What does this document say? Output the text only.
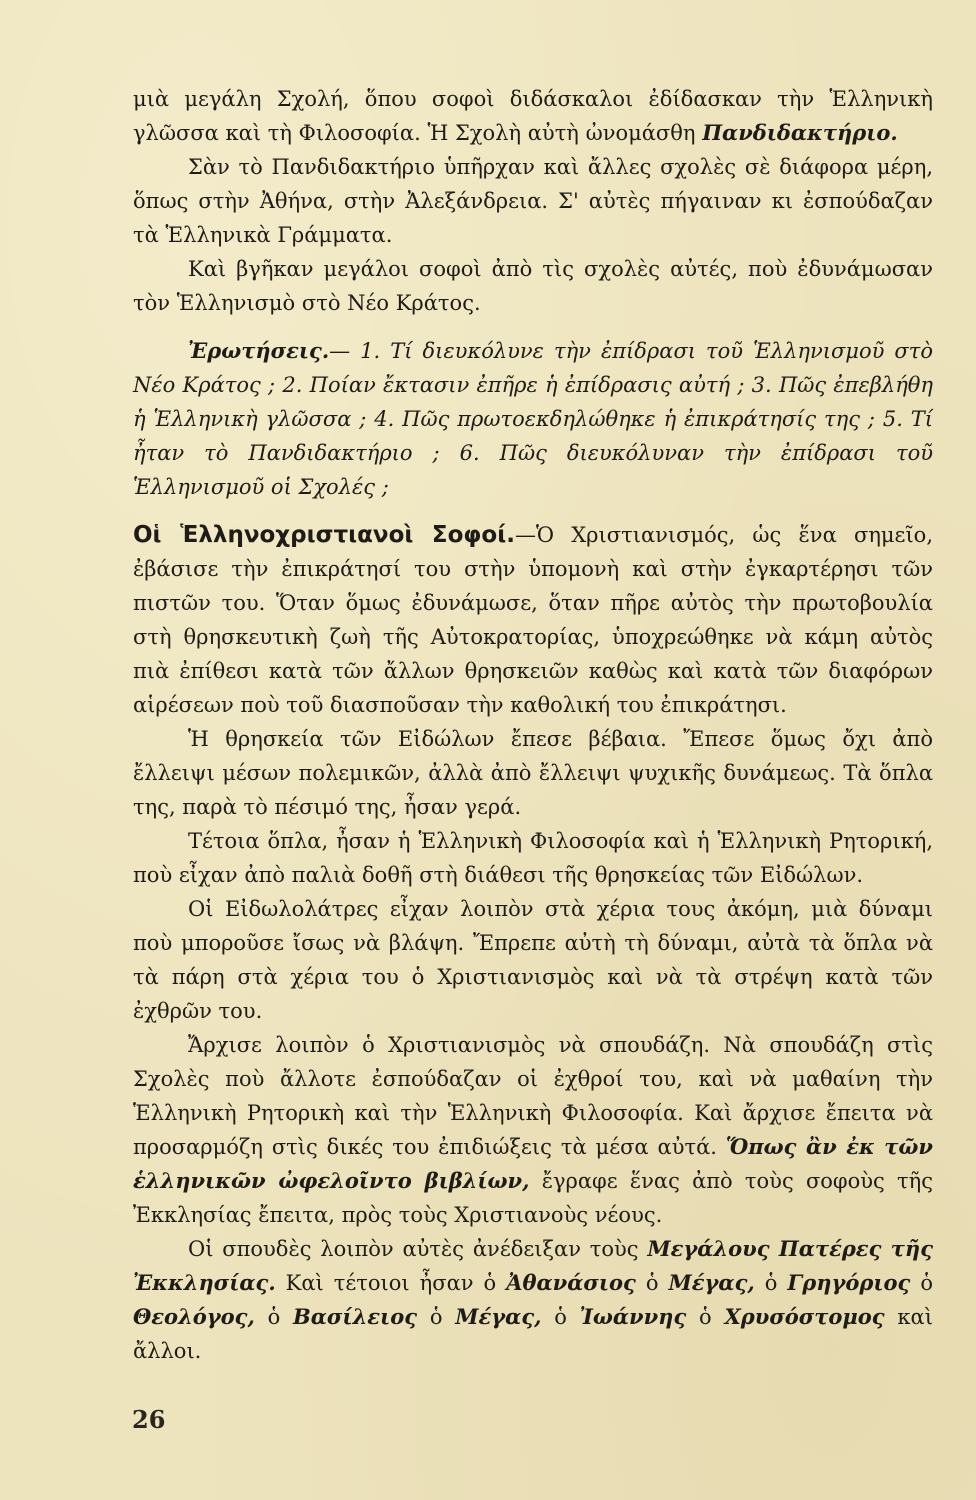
μιὰ μεγάλη Σχολή, ὅπου σοφοὶ διδάσκαλοι ἐδίδασκαν τὴν Ἑλληνικὴ γλῶσσα καὶ τὴ Φιλοσοφία. Ἡ Σχολὴ αὐτὴ ὠνομάσθη Πανδιδακτήριο.

Σὰν τὸ Πανδιδακτήριο ὑπῆρχαν καὶ ἄλλες σχολὲς σὲ διάφορα μέρη, ὅπως στὴν Ἀθήνα, στὴν Ἀλεξάνδρεια. Σ' αὐτὲς πήγαιναν κι ἐσπούδαζαν τὰ Ἑλληνικὰ Γράμματα.

Καὶ βγῆκαν μεγάλοι σοφοὶ ἀπὸ τὶς σχολὲς αὐτές, ποὺ ἐδυνάμωσαν τὸν Ἑλληνισμὸ στὸ Νέο Κράτος.

Ἐρωτήσεις.— 1. Τί διευκόλυνε τὴν ἐπίδρασι τοῦ Ἑλληνισμοῦ στὸ Νέο Κράτος ; 2. Ποίαν ἔκτασιν ἐπῆρε ἡ ἐπίδρασις αὐτή ; 3. Πῶς ἐπεβλήθη ἡ Ἑλληνικὴ γλῶσσα ; 4. Πῶς πρωτοεκδηλώθηκε ἡ ἐπικράτησίς της ; 5. Τί ἦταν τὸ Πανδιδακτήριο ; 6. Πῶς διευκόλυναν τὴν ἐπίδρασι τοῦ Ἑλληνισμοῦ οἱ Σχολές ;

Οἱ Ἑλληνοχριστιανοὶ Σοφοί.—Ὁ Χριστιανισμός, ὡς ἕνα σημεῖο, ἐβάσισε τὴν ἐπικράτησί του στὴν ὑπομονὴ καὶ στὴν ἐγκαρτέρησι τῶν πιστῶν του. Ὅταν ὅμως ἐδυνάμωσε, ὅταν πῆρε αὐτὸς τὴν πρωτοβουλία στὴ θρησκευτικὴ ζωὴ τῆς Αὐτοκρατορίας, ὑποχρεώθηκε νὰ κάμη αὐτὸς πιὰ ἐπίθεσι κατὰ τῶν ἄλλων θρησκειῶν καθὼς καὶ κατὰ τῶν διαφόρων αἱρέσεων ποὺ τοῦ διασποῦσαν τὴν καθολική του ἐπικράτησι.

Ἡ θρησκεία τῶν Εἰδώλων ἔπεσε βέβαια. Ἔπεσε ὅμως ὄχι ἀπὸ ἔλλειψι μέσων πολεμικῶν, ἀλλὰ ἀπὸ ἔλλειψι ψυχικῆς δυνάμεως. Τὰ ὅπλα της, παρὰ τὸ πέσιμό της, ἦσαν γερά.

Τέτοια ὅπλα, ἦσαν ἡ Ἑλληνικὴ Φιλοσοφία καὶ ἡ Ἑλληνικὴ Ρητορική, ποὺ εἶχαν ἀπὸ παλιὰ δοθῆ στὴ διάθεσι τῆς θρησκείας τῶν Εἰδώλων.

Οἱ Εἰδωλολάτρες εἶχαν λοιπὸν στὰ χέρια τους ἀκόμη, μιὰ δύναμι ποὺ μποροῦσε ἴσως νὰ βλάψη. Ἔπρεπε αὐτὴ τὴ δύναμι, αὐτὰ τὰ ὅπλα νὰ τὰ πάρη στὰ χέρια του ὁ Χριστιανισμὸς καὶ νὰ τὰ στρέψη κατὰ τῶν ἐχθρῶν του.

Ἄρχισε λοιπὸν ὁ Χριστιανισμὸς νὰ σπουδάζη. Νὰ σπουδάζη στὶς Σχολὲς ποὺ ἄλλοτε ἐσπούδαζαν οἱ ἐχθροί του, καὶ νὰ μαθαίνη τὴν Ἑλληνικὴ Ρητορικὴ καὶ τὴν Ἑλληνικὴ Φιλοσοφία. Καὶ ἄρχισε ἔπειτα νὰ προσαρμόζη στὶς δικές του ἐπιδιώξεις τὰ μέσα αὐτά. Ὅπως ἂν ἐκ τῶν ἑλληνικῶν ὠφελοῖντο βιβλίων, ἔγραφε ἕνας ἀπὸ τοὺς σοφοὺς τῆς Ἐκκλησίας ἔπειτα, πρὸς τοὺς Χριστιανοὺς νέους.

Οἱ σπουδὲς λοιπὸν αὐτὲς ἀνέδειξαν τοὺς Μεγάλους Πατέρες τῆς Ἐκκλησίας. Καὶ τέτοιοι ἦσαν ὁ Ἀθανάσιος ὁ Μέγας, ὁ Γρηγόριος ὁ Θεολόγος, ὁ Βασίλειος ὁ Μέγας, ὁ Ἰωάννης ὁ Χρυσόστομος καὶ ἄλλοι.

26
